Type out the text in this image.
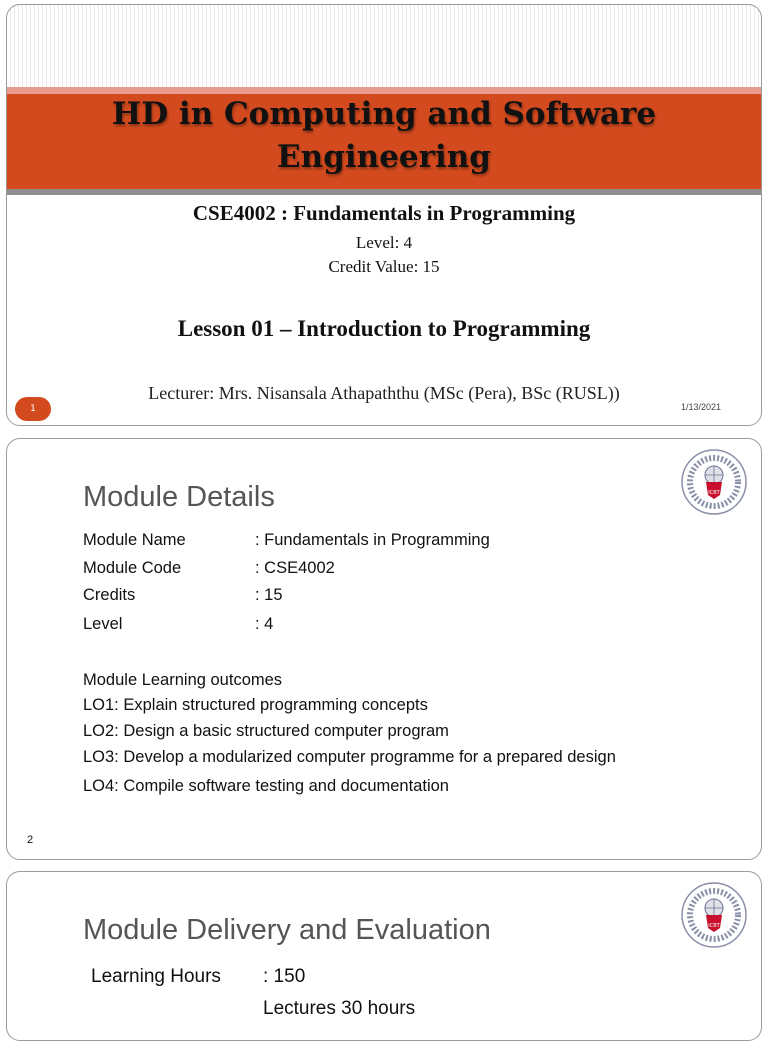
HD in Computing and Software
Engineering
CSE4002 : Fundamentals in Programming
Level: 4
Credit Value: 15
Lesson 01 – Introduction to Programming
Lecturer: Mrs. Nisansala Athapaththu (MSc (Pera), BSc (RUSL))
1	1/13/2021
Module Details	ICBT
Module Name	: Fundamentals in Programming
Module Code	: CSE4002
Credits	: 15
Level	: 4
Module Learning outcomes
LO1: Explain structured programming concepts
LO2: Design a basic structured computer program
LO3: Develop a modularized computer programme for a prepared design
LO4: Compile software testing and documentation
2
Module Delivery and Evaluation	ICBT
Learning Hours : 150
Lectures 30 hours
